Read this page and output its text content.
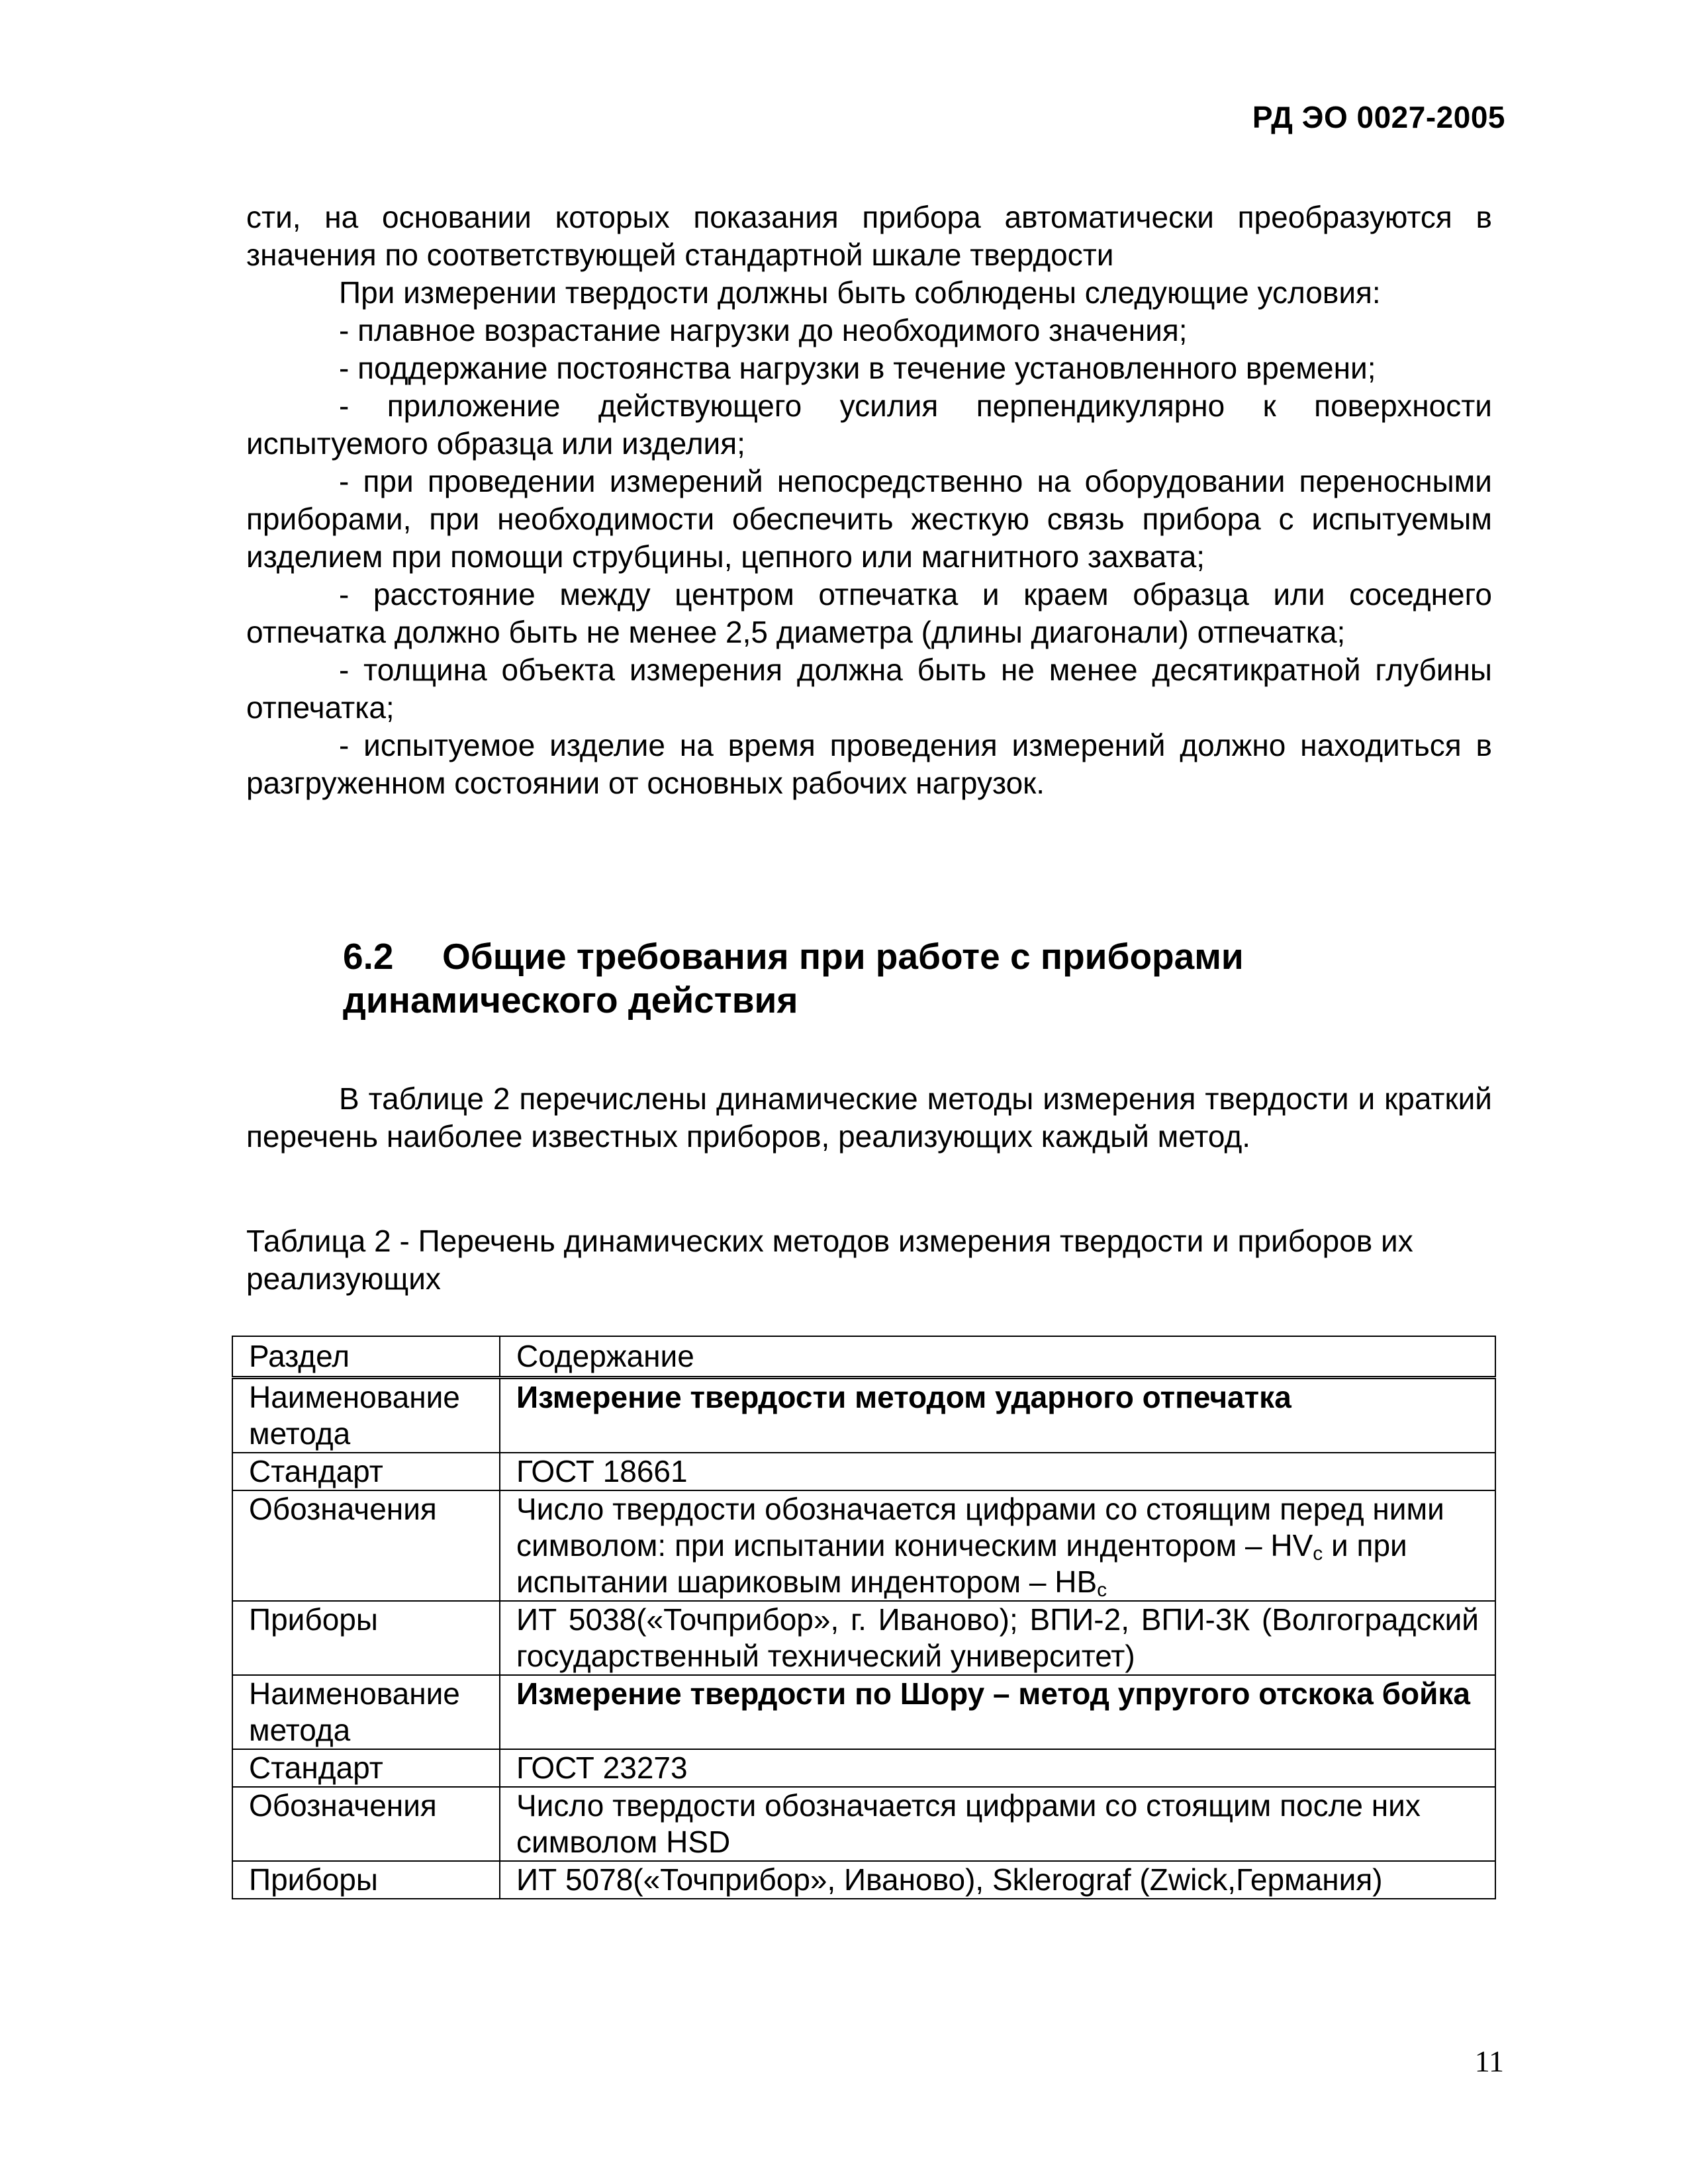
РД ЭО 0027-2005

сти, на основании которых показания прибора автоматически преобразуются в значения по соответствующей стандартной шкале твердости

При измерении твердости должны быть соблюдены следующие условия:

- плавное возрастание нагрузки до необходимого значения;

- поддержание постоянства нагрузки в течение установленного времени;

- приложение действующего усилия перпендикулярно к поверхности испытуемого образца или изделия;

- при проведении измерений непосредственно на оборудовании переносными приборами, при необходимости обеспечить жесткую связь прибора с испытуемым изделием при помощи струбцины, цепного или магнитного захвата;

- расстояние между центром отпечатка и краем образца или соседнего отпечатка должно быть не менее 2,5 диаметра (длины диагонали) отпечатка;

- толщина объекта измерения должна быть не менее десятикратной глубины отпечатка;

- испытуемое изделие на время проведения измерений должно находиться в разгруженном состоянии от основных рабочих нагрузок.

6.2 Общие требования при работе с приборами динамического действия

В таблице 2 перечислены динамические методы измерения твердости и краткий перечень наиболее известных приборов, реализующих каждый метод.

Таблица 2 - Перечень динамических методов измерения твердости и приборов их реализующих
Раздел	Содержание
Наименование метода	Измерение твердости методом ударного отпечатка
Стандарт	ГОСТ 18661
Обозначения	Число твердости обозначается цифрами со стоящим перед ними символом: при испытании коническим индентором – $HV_c$ и при испытании шариковым индентором – $HB_c$
Приборы	ИТ 5038(«Точприбор», г. Иваново); ВПИ-2, ВПИ-3К (Волгоградский государственный технический университет)
Наименование метода	Измерение твердости по Шору – метод упругого отскока бойка
Стандарт	ГОСТ 23273
Обозначения	Число твердости обозначается цифрами со стоящим после них символом HSD
Приборы	ИТ 5078(«Точприбор», Иваново), Sklerograf (Zwick,Германия)
11
